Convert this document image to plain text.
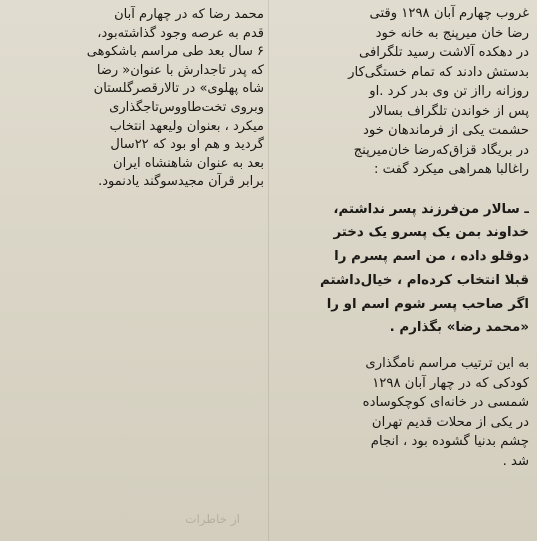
غروب چهارم آبان ۱۲۹۸ وقتی
رضا خان میرپنج به خانه خود
در دهکده آلاشت رسید تلگرافی
بدستش دادند که تمام خستگی‌کار
روزانه رااز تن وی بدر کرد .او
پس از خواندن تلگراف بسالار
حشمت یکی از فرماندهان خود
در بریگاد قزاق‌کەرضا خان‌میرپنج
راغالبا همراهی میکرد گفت :
ـ سالار من‌فرزند پسر نداشتم،
خداوند بمن یک پسرو یک دختر
دوقلو داده ، من اسم پسرم را
قبلا انتخاب کرده‌ام ، خیال‌داشتم
اگر صاحب پسر شوم اسم او را
«محمد رضا» بگذارم .
به این ترتیب مراسم نامگذاری
کودکی که در چهار آبان ۱۲۹۸
شمسی در خانه‌ای کوچکوساده
در یکی از محلات قدیم تهران
چشم بدنیا گشوده بود ، انجام
شد .
محمد رضا که در چهارم آبان
قدم به عرصه وجود گذاشته‌بود،
۶ سال بعد طی مراسم باشکوهی
که پدر تاجدارش با عنوان« رضا
شاه پهلوی» در تالارقصرگلستان
وبروی تخت‌طاووس‌تاجگذاری
میکرد ، بعنوان ولیعهد انتخاب
گردید و هم او بود که ۲۲سال
بعد به عنوان شاهنشاه ایران
برابر قرآن مجیدسوگند یادنمود.
از خاطرات
